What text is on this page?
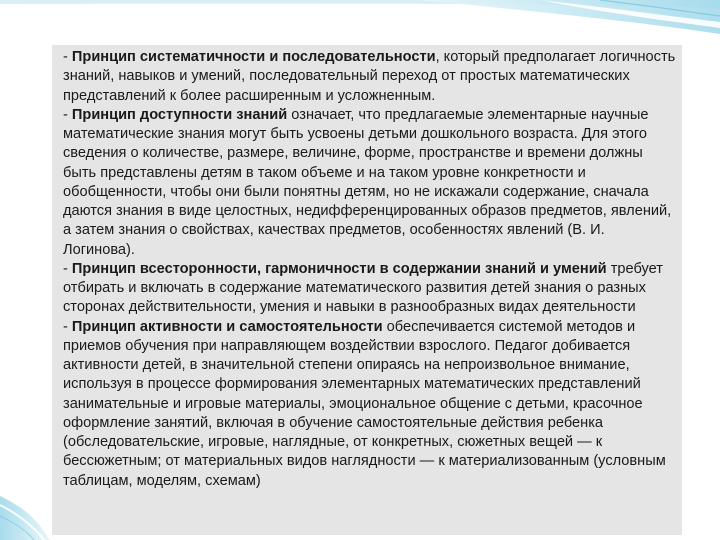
- Принцип систематичности и последовательности, который предполагает логичность знаний, навыков и умений, последовательный переход от простых математических представлений к более расширенным и усложненным.

- Принцип доступности знаний означает, что предлагаемые элементарные научные математические знания могут быть усвоены детьми дошкольного возраста. Для этого сведения о количестве, размере, величине, форме, пространстве и времени должны быть представлены детям в таком объеме и на таком уровне конкретности и обобщенности, чтобы они были понятны детям, но не искажали содержание, сначала даются знания в виде целостных, недифференцированных образов предметов, явлений, а затем знания о свойствах, качествах предметов, особенностях явлений (В. И. Логинова).

- Принцип всесторонности, гармоничности в содержании знаний и умений требует отбирать и включать в содержание математического развития детей знания о разных сторонах действительности, умения и навыки в разнообразных видах деятельности

- Принцип активности и самостоятельности обеспечивается системой методов и приемов обучения при направляющем воздействии взрослого. Педагог добивается активности детей, в значительной степени опираясь на непроизвольное внимание, используя в процессе формирования элементарных математических представлений занимательные и игровые материалы, эмоциональное общение с детьми, красочное оформление занятий, включая в обучение самостоятельные действия ребенка (обследовательские, игровые, наглядные, от конкретных, сюжетных вещей — к бессюжетным; от материальных видов наглядности — к материализованным (условным таблицам, моделям, схемам)
